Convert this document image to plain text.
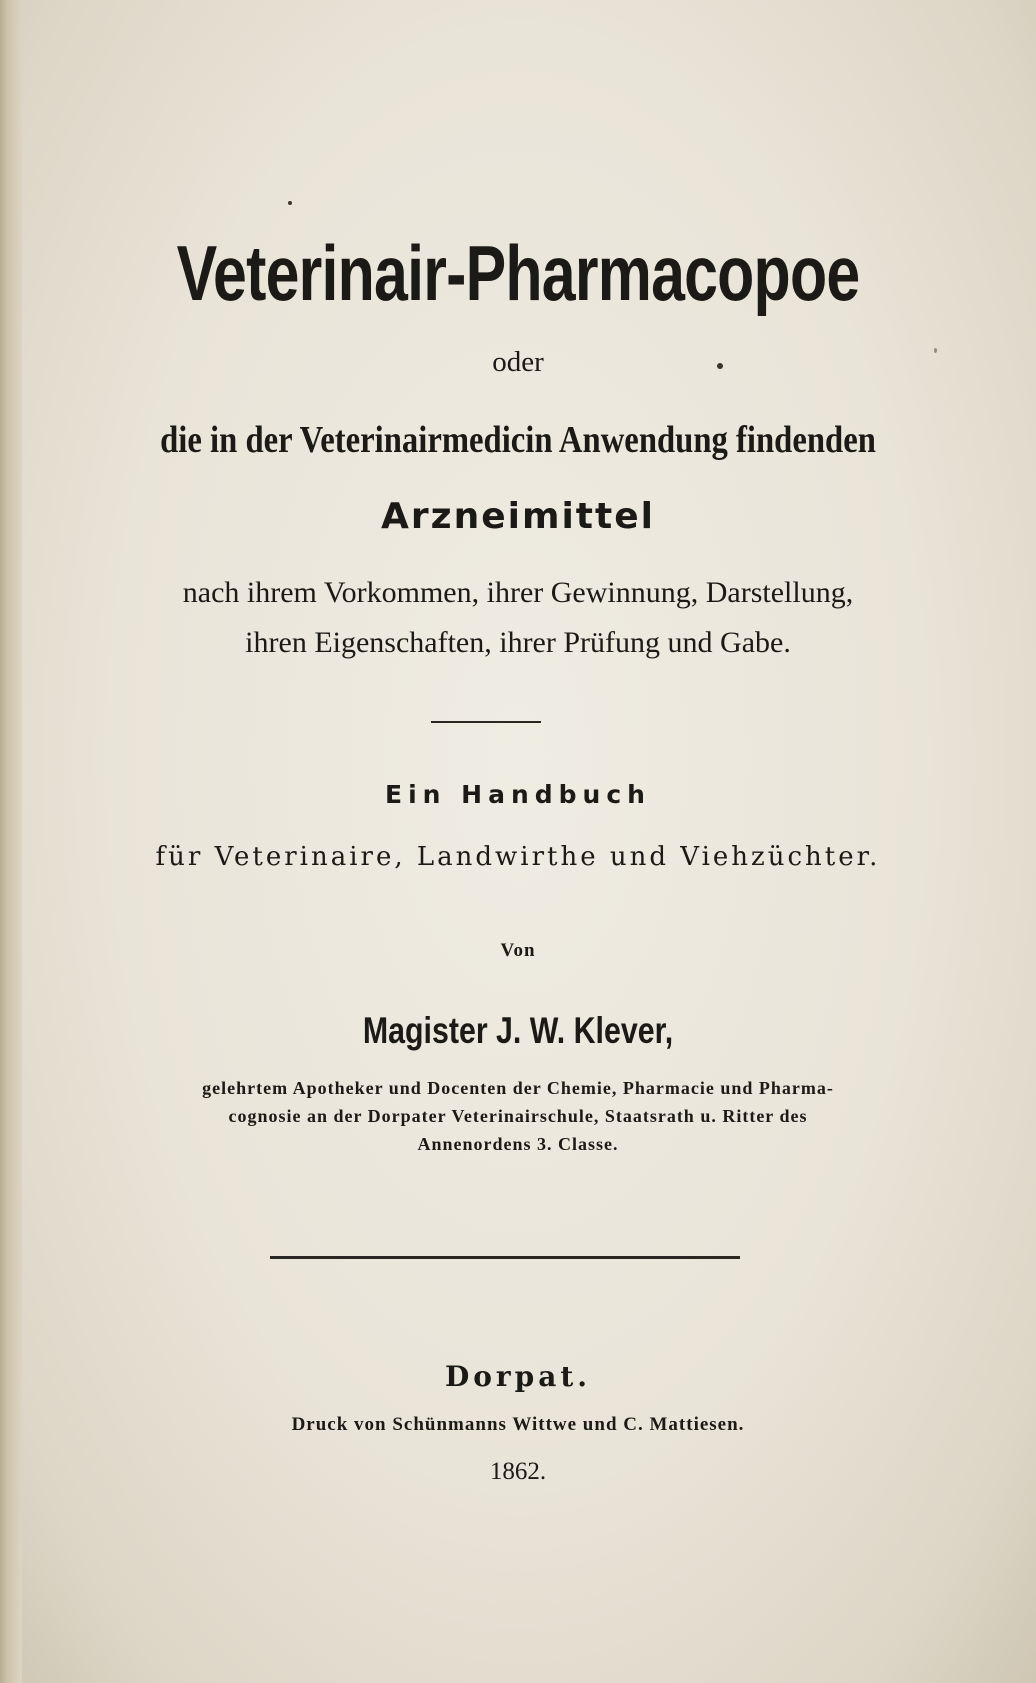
Veterinair-Pharmacopoe
oder
die in der Veterinairmedicin Anwendung findenden
Arzneimittel
nach ihrem Vorkommen, ihrer Gewinnung, Darstellung,
ihren Eigenschaften, ihrer Prüfung und Gabe.
Ein Handbuch
für Veterinaire, Landwirthe und Viehzüchter.
Von
Magister J. W. Klever,
gelehrtem Apotheker und Docenten der Chemie, Pharmacie und Pharma-
cognosie an der Dorpater Veterinairschule, Staatsrath u. Ritter des
Annenordens 3. Classe.
Dorpat.
Druck von Schünmanns Wittwe und C. Mattiesen.
1862.
